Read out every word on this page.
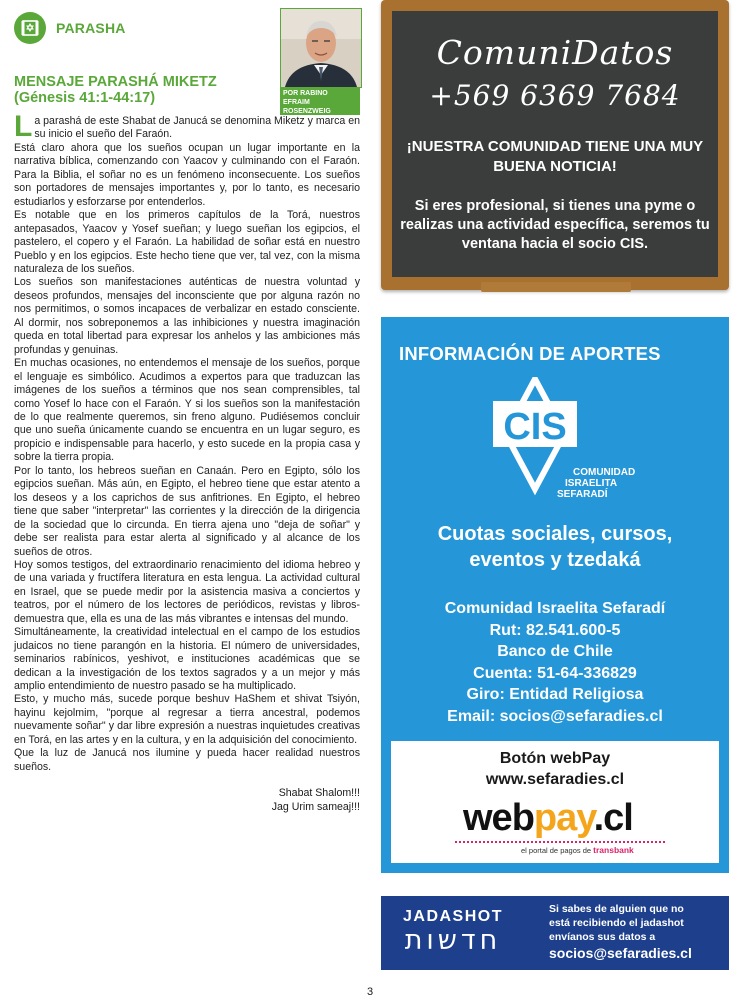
PARASHA
POR RABINO
EFRAIM ROSENZWEIG
MENSAJE PARASHÁ MIKETZ
(Génesis 41:1-44:17)

La parashá de este Shabat de Janucá se denomina Miketz y marca en su inicio el sueño del Faraón.

Está claro ahora que los sueños ocupan un lugar importante en la narrativa bíblica, comenzando con Yaacov y culminando con el Faraón. Para la Biblia, el soñar no es un fenómeno inconsecuente. Los sueños son portadores de mensajes importantes y, por lo tanto, es necesario estudiarlos y esforzarse por entenderlos.

Es notable que en los primeros capítulos de la Torá, nuestros antepasados, Yaacov y Yosef sueñan; y luego sueñan los egipcios, el pastelero, el copero y el Faraón. La habilidad de soñar está en nuestro Pueblo y en los egipcios. Este hecho tiene que ver, tal vez, con la misma naturaleza de los sueños.

Los sueños son manifestaciones auténticas de nuestra voluntad y deseos profundos, mensajes del inconsciente que por alguna razón no nos permitimos, o somos incapaces de verbalizar en estado consciente. Al dormir, nos sobreponemos a las inhibiciones y nuestra imaginación queda en total libertad para expresar los anhelos y las ambiciones más profundas y genuinas.

En muchas ocasiones, no entendemos el mensaje de los sueños, porque el lenguaje es simbólico. Acudimos a expertos para que traduzcan las imágenes de los sueños a términos que nos sean comprensibles, tal como Yosef lo hace con el Faraón. Y si los sueños son la manifestación de lo que realmente queremos, sin freno alguno. Pudiésemos concluir que uno sueña únicamente cuando se encuentra en un lugar seguro, es propicio e indispensable para hacerlo, y esto sucede en la propia casa y sobre la tierra propia.

Por lo tanto, los hebreos sueñan en Canaán. Pero en Egipto, sólo los egipcios sueñan. Más aún, en Egipto, el hebreo tiene que estar atento a los deseos y a los caprichos de sus anfitriones. En Egipto, el hebreo tiene que saber "interpretar" las corrientes y la dirección de la dirigencia de la sociedad que lo circunda. En tierra ajena uno "deja de soñar" y debe ser realista para estar alerta al significado y al alcance de los sueños de otros.

Hoy somos testigos, del extraordinario renacimiento del idioma hebreo y de una variada y fructífera literatura en esta lengua. La actividad cultural en Israel, que se puede medir por la asistencia masiva a conciertos y teatros, por el número de los lectores de periódicos, revistas y libros- demuestra que, ella es una de las más vibrantes e intensas del mundo.

Simultáneamente, la creatividad intelectual en el campo de los estudios judaicos no tiene parangón en la historia. El número de universidades, seminarios rabínicos, yeshivot, e instituciones académicas que se dedican a la investigación de los textos sagrados y a un mejor y más amplio entendimiento de nuestro pasado se ha multiplicado.

Esto, y mucho más, sucede porque beshuv HaShem et shivat Tsiyón, hayinu kejolmim, "porque al regresar a tierra ancestral, podemos nuevamente soñar" y dar libre expresión a nuestras inquietudes creativas en Torá, en las artes y en la cultura, y en la adquisición del conocimiento.

Que la luz de Janucá nos ilumine y pueda hacer realidad nuestros sueños.

Shabat Shalom!!!
Jag Urim sameaj!!!
ComuniDatos
+569 6369 7684
¡NUESTRA COMUNIDAD TIENE UNA MUY BUENA NOTICIA!
Si eres profesional, si tienes una pyme o realizas una actividad específica, seremos tu ventana hacia el socio CIS.
INFORMACIÓN DE APORTES
CIS
COMUNIDAD
ISRAELITA
SEFARADÍ
Cuotas sociales, cursos,
eventos y tzedaká
Comunidad Israelita Sefaradí
Rut: 82.541.600-5
Banco de Chile
Cuenta: 51-64-336829
Giro: Entidad Religiosa
Email: socios@sefaradies.cl
Botón webPay
www.sefaradies.cl
webpay.cl
el portal de pagos de transbank
JADASHOT
חדשות
Si sabes de alguien que no
está recibiendo el jadashot
envíanos sus datos a
socios@sefaradies.cl
3
